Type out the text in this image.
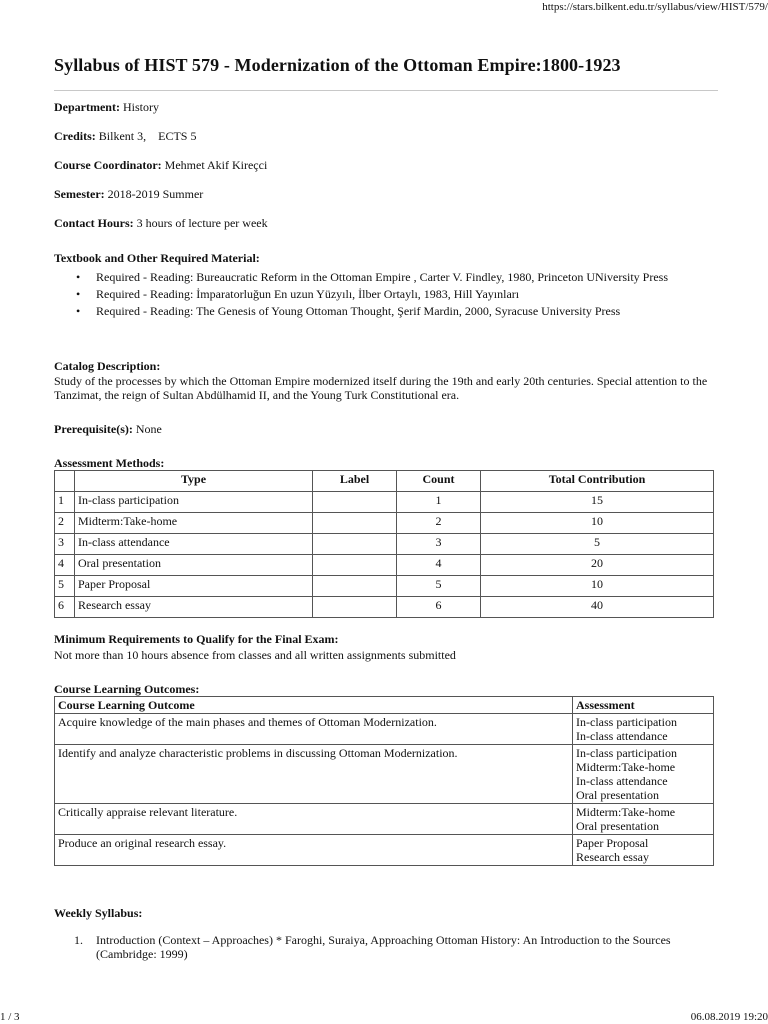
https://stars.bilkent.edu.tr/syllabus/view/HIST/579/
Syllabus of HIST 579 - Modernization of the Ottoman Empire:1800-1923
Department: History
Credits: Bilkent 3,    ECTS 5
Course Coordinator: Mehmet Akif Kireçci
Semester: 2018-2019 Summer
Contact Hours: 3 hours of lecture per week
Textbook and Other Required Material:
• Required - Reading: Bureaucratic Reform in the Ottoman Empire , Carter V. Findley, 1980, Princeton UNiversity Press
• Required - Reading: İmparatorluğun En uzun Yüzyılı, İlber Ortaylı, 1983, Hill Yayınları
• Required - Reading: The Genesis of Young Ottoman Thought, Şerif Mardin, 2000, Syracuse University Press
Catalog Description:
Study of the processes by which the Ottoman Empire modernized itself during the 19th and early 20th centuries. Special attention to the Tanzimat, the reign of Sultan Abdülhamid II, and the Young Turk Constitutional era.
Prerequisite(s): None
Assessment Methods:
	Type	Label	Count	Total Contribution
1	In-class participation		1	15
2	Midterm:Take-home		2	10
3	In-class attendance		3	5
4	Oral presentation		4	20
5	Paper Proposal		5	10
6	Research essay		6	40
Minimum Requirements to Qualify for the Final Exam:
Not more than 10 hours absence from classes and all written assignments submitted
Course Learning Outcomes:
Course Learning Outcome	Assessment
Acquire knowledge of the main phases and themes of Ottoman Modernization.	In-class participation
In-class attendance

Identify and analyze characteristic problems in discussing Ottoman Modernization.	In-class participation
Midterm:Take-home
In-class attendance
Oral presentation

Critically appraise relevant literature.	Midterm:Take-home
Oral presentation

Produce an original research essay.	Paper Proposal
Research essay
Weekly Syllabus:
1. Introduction (Context – Approaches) * Faroghi, Suraiya, Approaching Ottoman History: An Introduction to the Sources (Cambridge: 1999)
1 / 3	06.08.2019 19:20
